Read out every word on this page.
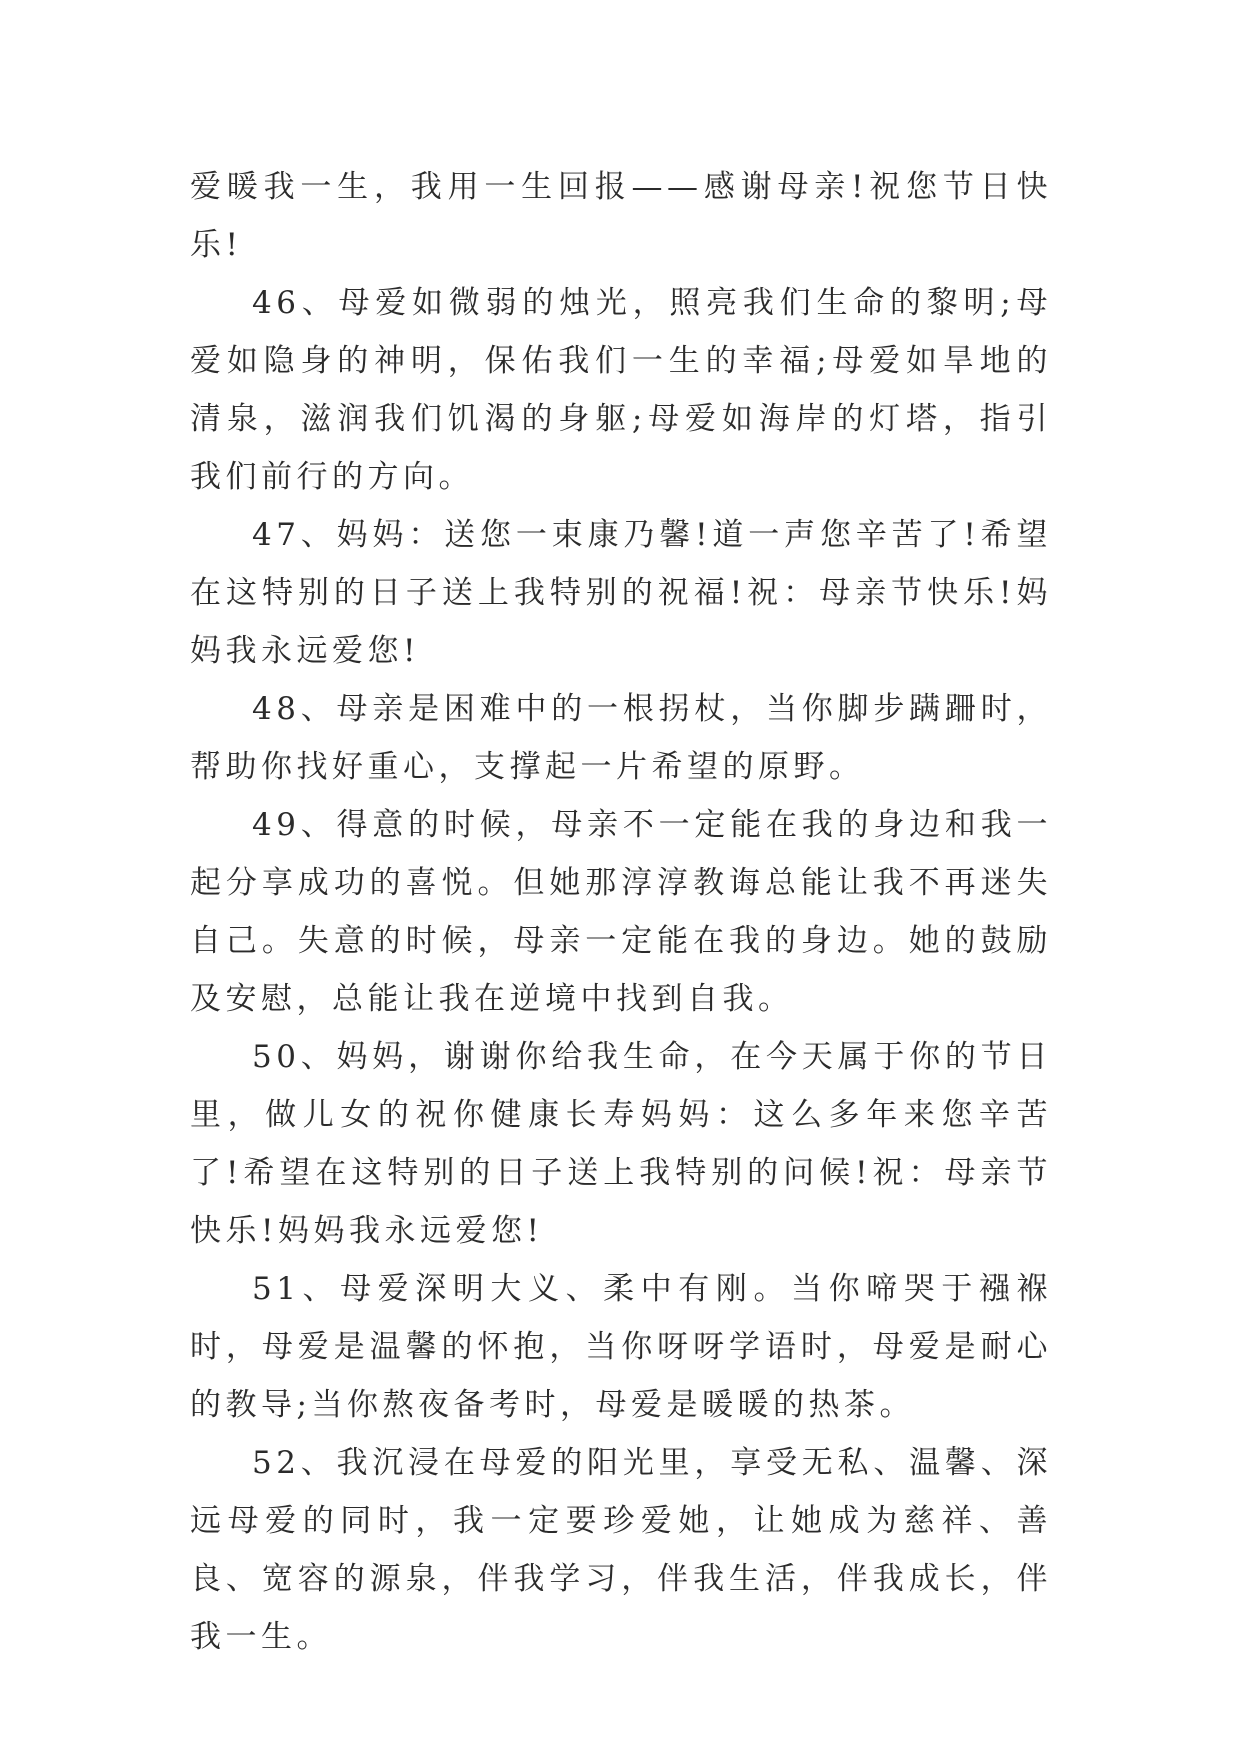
爱暖我一生，我用一生回报——感谢母亲!祝您节日快乐!

46、母爱如微弱的烛光，照亮我们生命的黎明;母爱如隐身的神明，保佑我们一生的幸福;母爱如旱地的清泉，滋润我们饥渴的身躯;母爱如海岸的灯塔，指引我们前行的方向。

47、妈妈：送您一束康乃馨!道一声您辛苦了!希望在这特别的日子送上我特别的祝福!祝：母亲节快乐!妈妈我永远爱您!

48、母亲是困难中的一根拐杖，当你脚步蹒跚时，帮助你找好重心，支撑起一片希望的原野。

49、得意的时候，母亲不一定能在我的身边和我一起分享成功的喜悦。但她那淳淳教诲总能让我不再迷失自己。失意的时候，母亲一定能在我的身边。她的鼓励及安慰，总能让我在逆境中找到自我。

50、妈妈，谢谢你给我生命，在今天属于你的节日里，做儿女的祝你健康长寿妈妈：这么多年来您辛苦了!希望在这特别的日子送上我特别的问候!祝：母亲节快乐!妈妈我永远爱您!

51、母爱深明大义、柔中有刚。当你啼哭于襁褓时，母爱是温馨的怀抱，当你呀呀学语时，母爱是耐心的教导;当你熬夜备考时，母爱是暖暖的热茶。

52、我沉浸在母爱的阳光里，享受无私、温馨、深远母爱的同时，我一定要珍爱她，让她成为慈祥、善良、宽容的源泉，伴我学习，伴我生活，伴我成长，伴我一生。
